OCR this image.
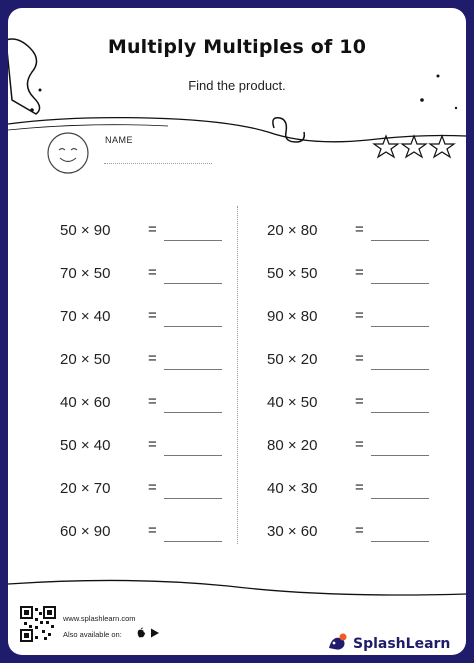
Multiply Multiples of 10
Find the product.
NAME
50 × 90	=
70 × 50	=
70 × 40	=
20 × 50	=
40 × 60	=
50 × 40	=
20 × 70	=
60 × 90	=
20 × 80	=
50 × 50	=
90 × 80	=
50 × 20	=
40 × 50	=
80 × 20	=
40 × 30	=
30 × 60	=
www.splashlearn.com
Also available on:
SplashLearn
